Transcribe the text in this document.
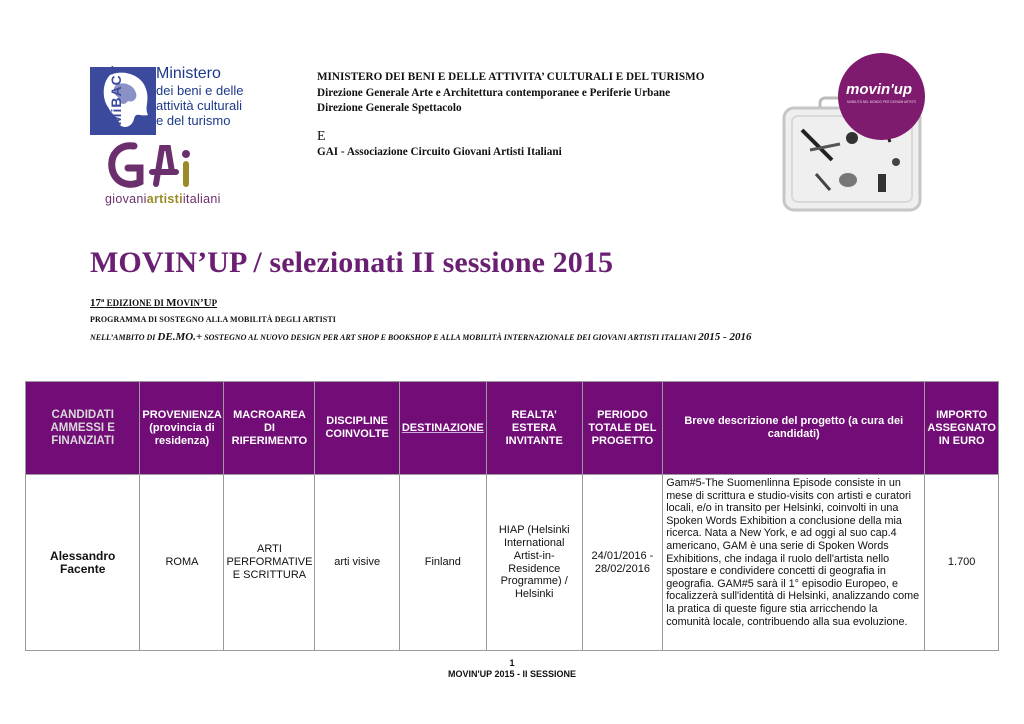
MiBACT Ministero
dei beni e delle
attività culturali
e del turismo
giovaniartistiitaliani
MINISTERO DEI BENI E DELLE ATTIVITA’ CULTURALI E DEL TURISMO
Direzione Generale Arte e Architettura contemporanee e Periferie Urbane
Direzione Generale Spettacolo
E
GAI - Associazione Circuito Giovani Artisti Italiani
movin'up
MOBILITÀ NEL MONDO PER GIOVANI ARTISTI
MOVIN’UP / selezionati II sessione 2015
17ª EDIZIONE DI MOVIN’UP
PROGRAMMA DI SOSTEGNO ALLA MOBILITÀ DEGLI ARTISTI
NELL’AMBITO DI DE.MO.+ SOSTEGNO AL NUOVO DESIGN PER ART SHOP E BOOKSHOP E ALLA MOBILITÀ INTERNAZIONALE DEI GIOVANI ARTISTI ITALIANI 2015 - 2016
CANDIDATI AMMESSI E FINANZIATI	PROVENIENZA (provincia di residenza)	MACROAREA DI RIFERIMENTO	DISCIPLINE COINVOLTE	DESTINAZIONE	REALTA’ ESTERA INVITANTE	PERIODO TOTALE DEL PROGETTO	Breve descrizione del progetto (a cura dei candidati)	IMPORTO ASSEGNATO IN EURO
Alessandro Facente	ROMA	ARTI PERFORMATIVE E SCRITTURA	arti visive	Finland	HIAP (Helsinki International Artist-in-Residence Programme) / Helsinki	24/01/2016 - 28/02/2016	Gam#5-The Suomenlinna Episode consiste in un mese di scrittura e studio-visits con artisti e curatori locali, e/o in transito per Helsinki, coinvolti in una Spoken Words Exhibition a conclusione della mia ricerca. Nata a New York, e ad oggi al suo cap.4 americano, GAM è una serie di Spoken Words Exhibitions, che indaga il ruolo dell'artista nello spostare e condividere concetti di geografia in geografia. GAM#5 sarà il 1° episodio Europeo, e focalizzerà sull'identità di Helsinki, analizzando come la pratica di queste figure stia arricchendo la comunità locale, contribuendo alla sua evoluzione.	1.700
1
MOVIN'UP 2015 - II SESSIONE
